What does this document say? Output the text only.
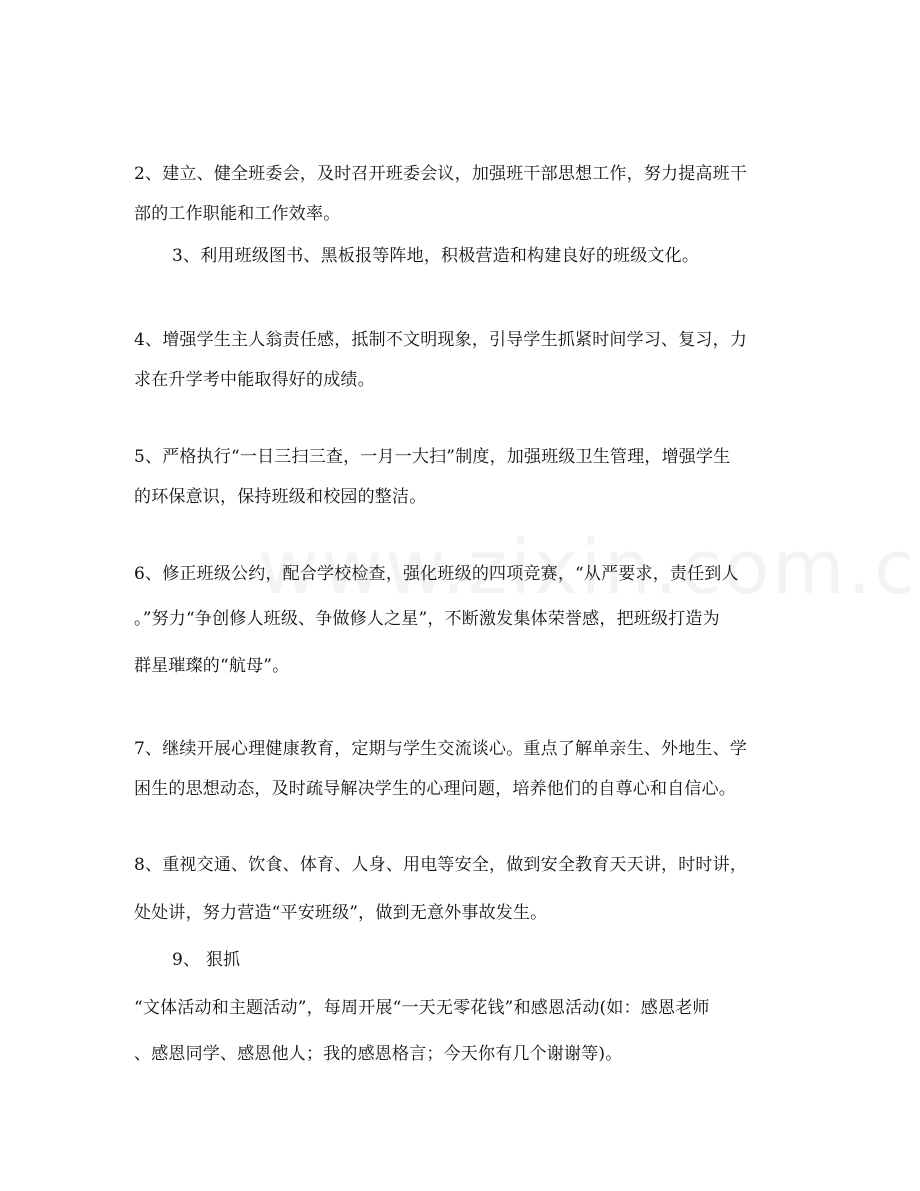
2、建立、健全班委会，及时召开班委会议，加强班干部思想工作，努力提高班干
部的工作职能和工作效率。
3、利用班级图书、黑板报等阵地，积极营造和构建良好的班级文化。
4、增强学生主人翁责任感，抵制不文明现象，引导学生抓紧时间学习、复习，力
求在升学考中能取得好的成绩。
5、严格执行“一日三扫三查，一月一大扫”制度，加强班级卫生管理，增强学生
的环保意识，保持班级和校园的整洁。
6、修正班级公约，配合学校检查，强化班级的四项竞赛，“从严要求，责任到人
。”努力“争创修人班级、争做修人之星”，不断激发集体荣誉感，把班级打造为
群星璀璨的“航母”。
7、继续开展心理健康教育，定期与学生交流谈心。重点了解单亲生、外地生、学
困生的思想动态，及时疏导解决学生的心理问题，培养他们的自尊心和自信心。
8、重视交通、饮食、体育、人身、用电等安全，做到安全教育天天讲，时时讲，
处处讲，努力营造“平安班级”，做到无意外事故发生。
9、 狠抓
“文体活动和主题活动”，每周开展“一天无零花钱”和感恩活动(如：感恩老师
、感恩同学、感恩他人；我的感恩格言；今天你有几个谢谢等)。
